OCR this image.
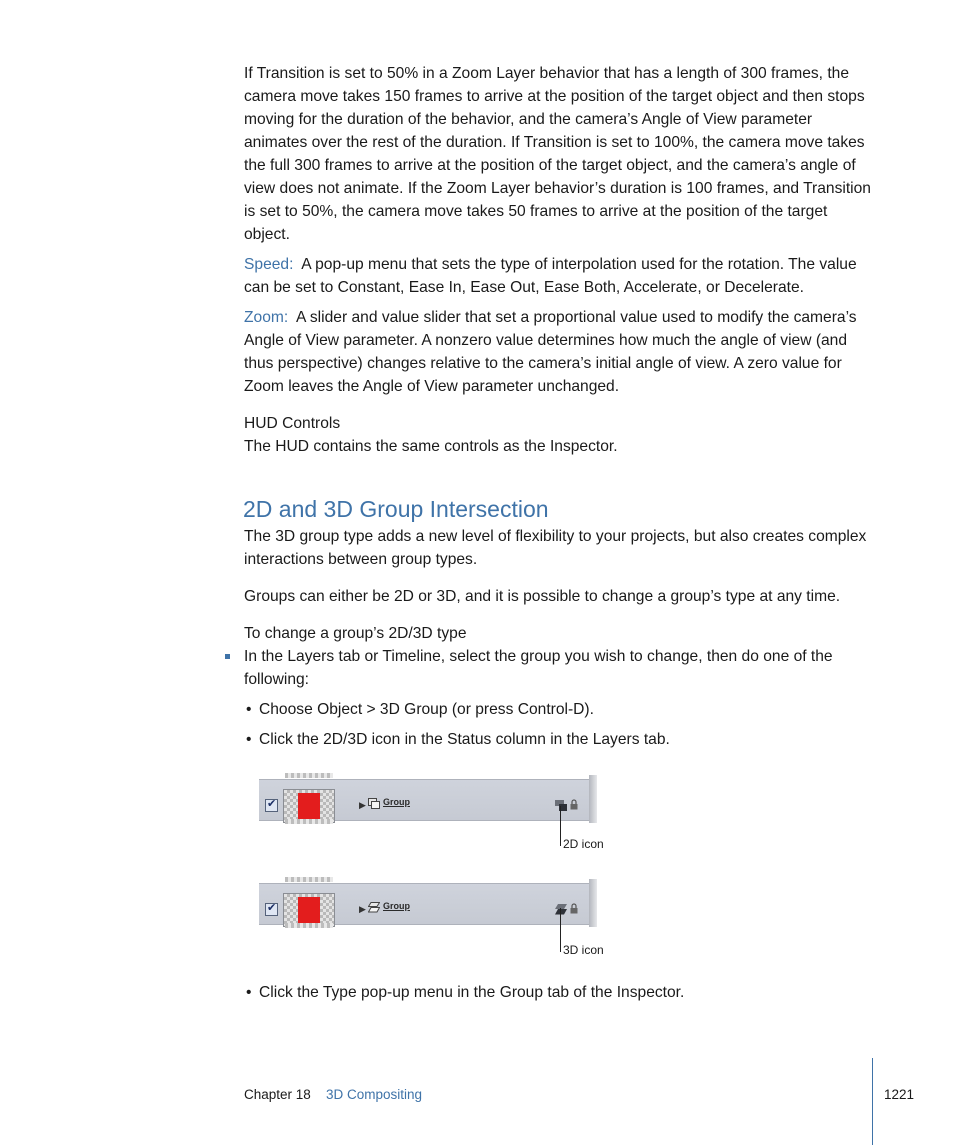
If Transition is set to 50% in a Zoom Layer behavior that has a length of 300 frames, the camera move takes 150 frames to arrive at the position of the target object and then stops moving for the duration of the behavior, and the camera’s Angle of View parameter animates over the rest of the duration. If Transition is set to 100%, the camera move takes the full 300 frames to arrive at the position of the target object, and the camera’s angle of view does not animate. If the Zoom Layer behavior’s duration is 100 frames, and Transition is set to 50%, the camera move takes 50 frames to arrive at the position of the target object.

Speed: A pop-up menu that sets the type of interpolation used for the rotation. The value can be set to Constant, Ease In, Ease Out, Ease Both, Accelerate, or Decelerate.

Zoom: A slider and value slider that set a proportional value used to modify the camera’s Angle of View parameter. A nonzero value determines how much the angle of view (and thus perspective) changes relative to the camera’s initial angle of view. A zero value for Zoom leaves the Angle of View parameter unchanged.

HUD Controls

The HUD contains the same controls as the Inspector.

2D and 3D Group Intersection

The 3D group type adds a new level of flexibility to your projects, but also creates complex interactions between group types.

Groups can either be 2D or 3D, and it is possible to change a group’s type at any time.

To change a group’s 2D/3D type

In the Layers tab or Timeline, select the group you wish to change, then do one of the following:

• Choose Object > 3D Group (or press Control-D).
• Click the 2D/3D icon in the Status column in the Layers tab.
✔
▶ Group
2D icon
✔
▶ Group
3D icon
• Click the Type pop-up menu in the Group tab of the Inspector.
Chapter 18 3D Compositing	1221
